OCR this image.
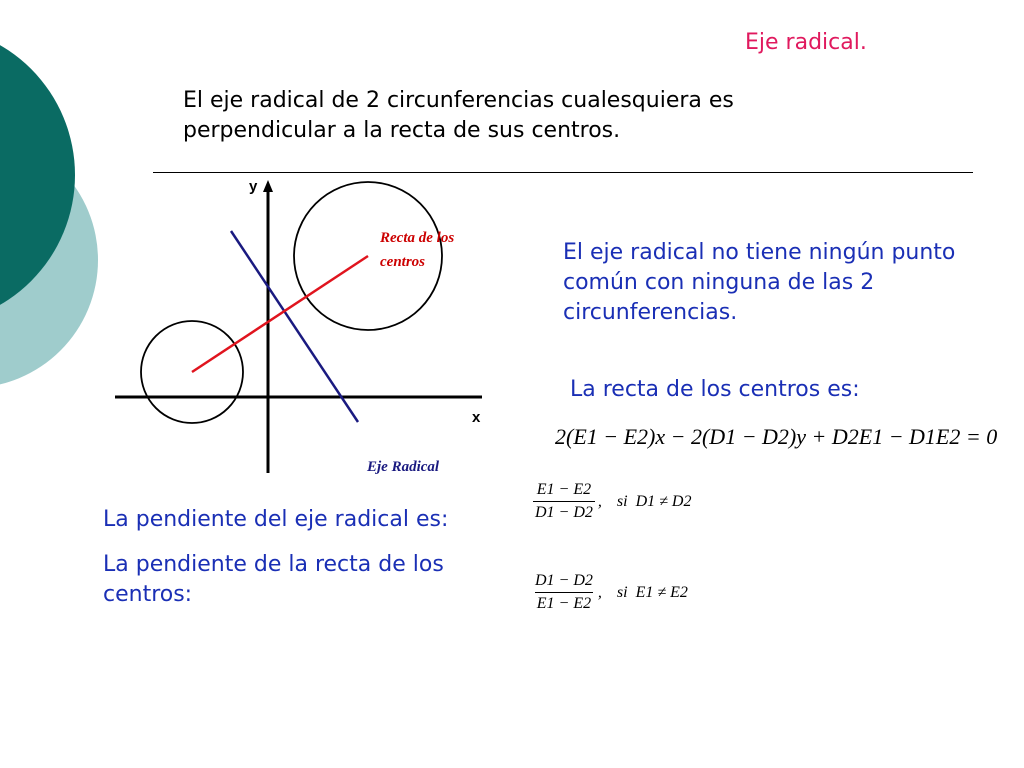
Eje radical.

El eje radical de 2 circunferencias cualesquiera es perpendicular a la recta de sus centros.

y
x
Recta de los
centros
Eje Radical

El eje radical no tiene ningún punto común con ninguna de las 2 circunferencias.

La recta de los centros es:

2(E1 − E2)x − 2(D1 − D2)y + D2E1 − D1E2 = 0

La pendiente del eje radical es:

La pendiente de la recta de los centros:

$\frac{E1 - E2}{D1 - D2}$ , si  D1 ≠ D2
$\frac{D1 - D2}{E1 - E2}$ , si  E1 ≠ E2
